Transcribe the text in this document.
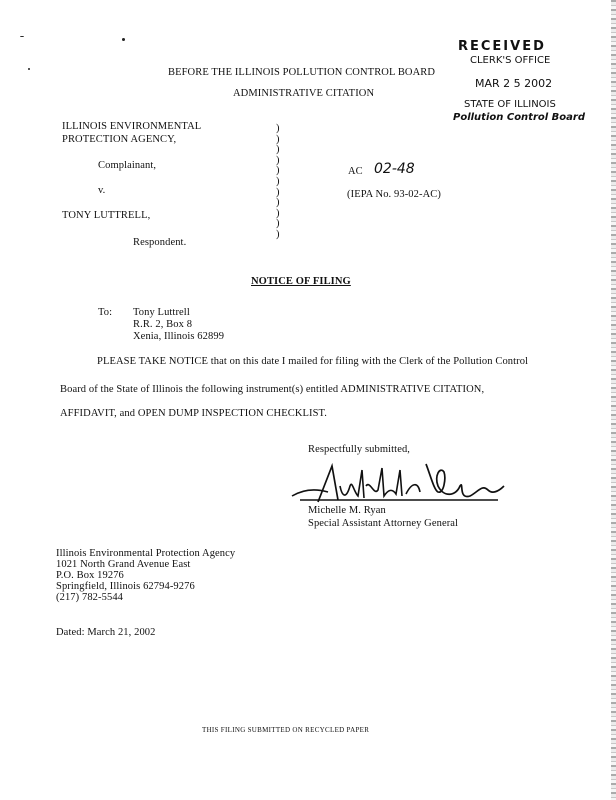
RECEIVED
CLERK'S OFFICE
MAR 2 5 2002
STATE OF ILLINOIS
Pollution Control Board
BEFORE THE ILLINOIS POLLUTION CONTROL BOARD
ADMINISTRATIVE CITATION
ILLINOIS ENVIRONMENTAL
PROTECTION AGENCY,
Complainant,
v.
TONY LUTTRELL,
Respondent.
)
)
)
)
)
)
)
)
)
)
)
AC 02-48
(IEPA No. 93-02-AC)
NOTICE OF FILING
To: Tony Luttrell
R.R. 2, Box 8
Xenia, Illinois 62899
PLEASE TAKE NOTICE that on this date I mailed for filing with the Clerk of the Pollution Control
Board of the State of Illinois the following instrument(s) entitled ADMINISTRATIVE CITATION,
AFFIDAVIT, and OPEN DUMP INSPECTION CHECKLIST.
Respectfully submitted,
Michelle M. Ryan
Special Assistant Attorney General
Illinois Environmental Protection Agency
1021 North Grand Avenue East
P.O. Box 19276
Springfield, Illinois 62794-9276
(217) 782-5544
Dated: March 21, 2002
THIS FILING SUBMITTED ON RECYCLED PAPER
